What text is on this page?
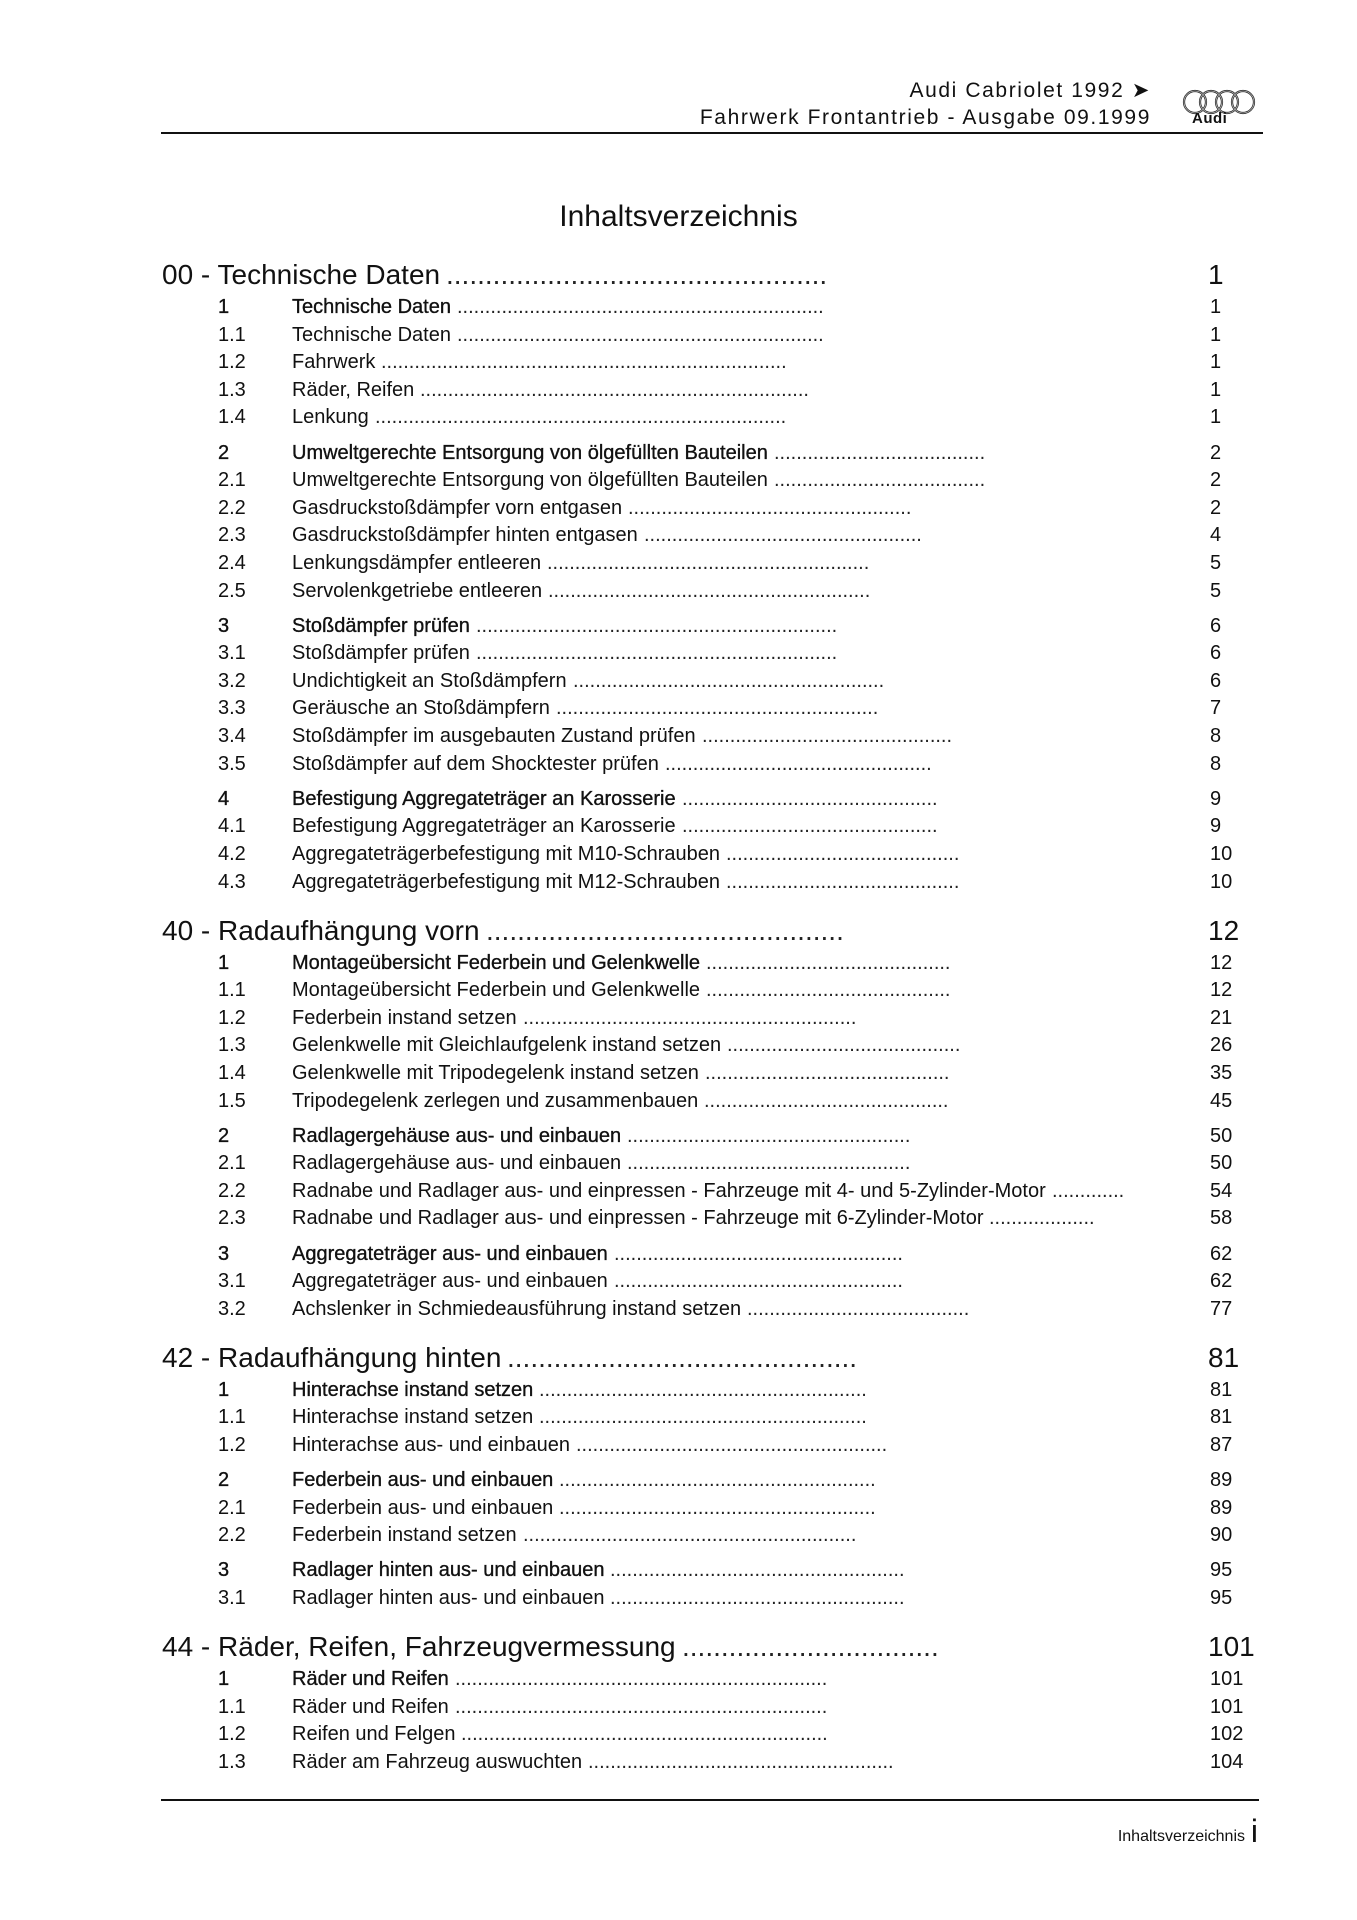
Audi Cabriolet 1992 ➤
Fahrwerk Frontantrieb - Ausgabe 09.1999	Audi
Inhaltsverzeichnis
00 - Technische Daten .................................................	1
1	Technische Daten ..................................................................	1
1.1 Technische Daten ..................................................................	1
1.2 Fahrwerk .........................................................................	1
1.3 Räder, Reifen ......................................................................	1
1.4 Lenkung ..........................................................................	1
2	Umweltgerechte Entsorgung von ölgefüllten Bauteilen ......................................	2
2.1 Umweltgerechte Entsorgung von ölgefüllten Bauteilen ......................................	2
2.2 Gasdruckstoßdämpfer vorn entgasen ...................................................	2
2.3 Gasdruckstoßdämpfer hinten entgasen ..................................................	4
2.4 Lenkungsdämpfer entleeren ..........................................................	5
2.5 Servolenkgetriebe entleeren ..........................................................	5
3	Stoßdämpfer prüfen .................................................................	6
3.1 Stoßdämpfer prüfen .................................................................	6
3.2 Undichtigkeit an Stoßdämpfern ........................................................	6
3.3 Geräusche an Stoßdämpfern ..........................................................	7
3.4 Stoßdämpfer im ausgebauten Zustand prüfen .............................................	8
3.5 Stoßdämpfer auf dem Shocktester prüfen ................................................	8
4	Befestigung Aggregateträger an Karosserie ..............................................	9
4.1 Befestigung Aggregateträger an Karosserie ..............................................	9
4.2 Aggregateträgerbefestigung mit M10-Schrauben ..........................................	10
4.3 Aggregateträgerbefestigung mit M12-Schrauben ..........................................	10
40 - Radaufhängung vorn ..............................................	12
1	Montageübersicht Federbein und Gelenkwelle ............................................	12
1.1 Montageübersicht Federbein und Gelenkwelle ............................................	12
1.2 Federbein instand setzen ............................................................	21
1.3 Gelenkwelle mit Gleichlaufgelenk instand setzen ..........................................	26
1.4 Gelenkwelle mit Tripodegelenk instand setzen ............................................	35
1.5 Tripodegelenk zerlegen und zusammenbauen ............................................	45
2	Radlagergehäuse aus- und einbauen ...................................................	50
2.1 Radlagergehäuse aus- und einbauen ...................................................	50
2.2 Radnabe und Radlager aus- und einpressen - Fahrzeuge mit 4- und 5-Zylinder-Motor .............	54
2.3 Radnabe und Radlager aus- und einpressen - Fahrzeuge mit 6-Zylinder-Motor ...................	58
3	Aggregateträger aus- und einbauen ....................................................	62
3.1 Aggregateträger aus- und einbauen ....................................................	62
3.2 Achslenker in Schmiedeausführung instand setzen ........................................	77
42 - Radaufhängung hinten .............................................	81
1	Hinterachse instand setzen ...........................................................	81
1.1 Hinterachse instand setzen ...........................................................	81
1.2 Hinterachse aus- und einbauen ........................................................	87
2	Federbein aus- und einbauen .........................................................	89
2.1 Federbein aus- und einbauen .........................................................	89
2.2 Federbein instand setzen ............................................................	90
3	Radlager hinten aus- und einbauen .....................................................	95
3.1 Radlager hinten aus- und einbauen .....................................................	95
44 - Räder, Reifen, Fahrzeugvermessung .................................	101
1	Räder und Reifen ...................................................................	101
1.1 Räder und Reifen ...................................................................	101
1.2 Reifen und Felgen ..................................................................	102
1.3 Räder am Fahrzeug auswuchten .......................................................	104
Inhaltsverzeichnis i
